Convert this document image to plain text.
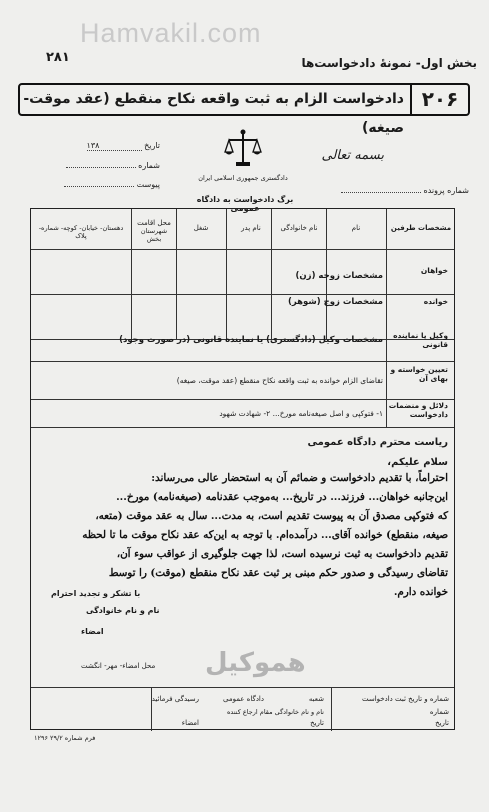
Hamvakil.com
۲۸۱	بخش اول- نمونهٔ دادخواست‌ها
۲۰۶
دادخواست الزام به ثبت واقعه نکاح منقطع (عقد موقت- صیغه)
تاریخ ۱۳۸
شماره
پیوست
دادگستری جمهوری اسلامی ایران
برگ دادخواست به دادگاه عمومی
بسمه تعالی
شماره پرونده
مشخصات طرفین
نام
نام خانوادگی
نام پدر
شغل
محل اقامت
شهرستان
بخش
دهستان- خیابان- کوچه- شماره- پلاک
خواهان
مشخصات زوجه (زن)
خوانده
مشخصات زوج (شوهر)
وکیل یا نماینده قانونی
مشخصات وکیل (دادگستری) یا نماینده قانونی (در صورت وجود)
تعیین خواسته و بهای آن
تقاضای الزام خوانده به ثبت واقعه نکاح منقطع (عقد موقت، صیغه)
دلائل و منضمات دادخواست
۱- فتوکپی و اصل صیغه‌نامه مورخ... ۲- شهادت شهود
ریاست محترم دادگاه عمومی
سلام علیکم،
احتراماً، با تقدیم دادخواست و ضمائم آن به استحضار عالی می‌رساند:
این‌جانبه خواهان... فرزند... در تاریخ... به‌موجب عقدنامه (صیغه‌نامه) مورخ...
که فتوکپی مصدق آن به پیوست تقدیم است، به مدت... سال به عقد موقت (متعه،
صیغه، منقطع) خوانده آقای... درآمده‌ام. با توجه به این‌که عقد نکاح موقت ما تا لحظه
تقدیم دادخواست به ثبت نرسیده است، لذا جهت جلوگیری از عواقب سوء آن،
تقاضای رسیدگی و صدور حکم مبنی بر ثبت عقد نکاح منقطع (موقت) را توسط
خوانده دارم.
با تشکر و تجدید احترام
نام و نام خانوادگی
امضاء
محل امضاء- مهر- انگشت
شماره و تاریخ ثبت دادخواست
شماره
تاریخ
شعبه
دادگاه عمومی
رسیدگی فرمائید
نام و نام خانوادگی مقام ارجاع کننده
تاریخ
امضاء
هموکیل
فرم شماره ۲۹/۲ ۱۲۹۶
